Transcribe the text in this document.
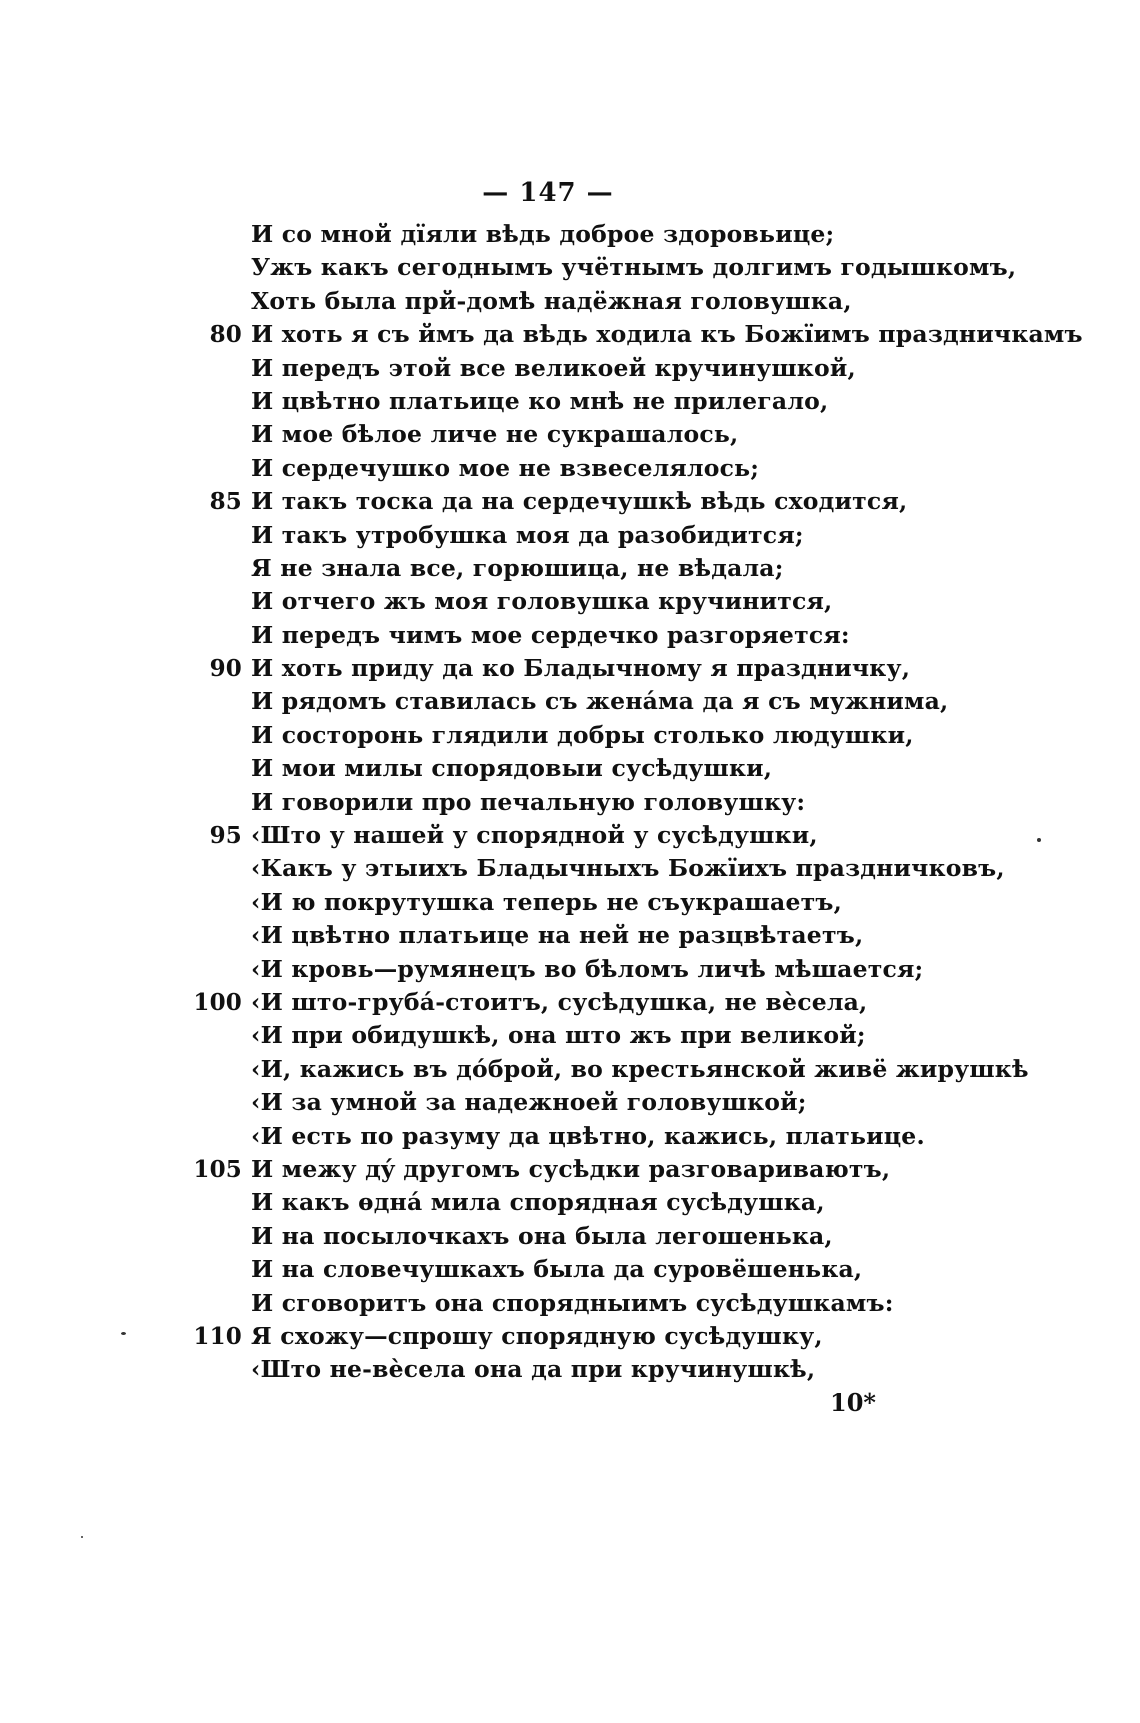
— 147 —
И со мной дїяли вѣдь доброе здоровьице;
Ужъ какъ сегоднымъ учётнымъ долгимъ годышкомъ,
Хоть была прй-домѣ надёжная головушка,
80 И хоть я съ ймъ да вѣдь ходила къ Божїимъ праздничкамъ
И передъ этой все великоей кручинушкой,
И цвѣтно платьице ко мнѣ не прилегало,
И мое бѣлое личе не сукрашалось,
И сердечушко мое не взвеселялось;
85 И такъ тоска да на сердечушкѣ вѣдь сходится,
И такъ утробушка моя да разобидится;
Я не знала все, горюшица, не вѣдала;
И отчего жъ моя головушка кручинится,
И передъ чимъ мое сердечко разгоряется:
90 И хоть приду да ко Бладычному я праздничку,
И рядомъ ставилась съ женáма да я съ мужнима,
И состоронь глядили добры столько людушки,
И мои милы спорядовыи сусѣдушки,
И говорили про печальную головушку:
95 ‹Што у нашей у спорядной у сусѣдушки,
‹Какъ у этыихъ Бладычныхъ Божїихъ праздничковъ,
‹И ю покрутушка теперь не съукрашаетъ,
‹И цвѣтно платьице на ней не разцвѣтаетъ,
‹И кровь—румянецъ во бѣломъ личѣ мѣшается;
100 ‹И што-грубá-стоитъ, сусѣдушка, не вѐсела,
‹И при обидушкѣ, она што жъ при великой;
‹И, кажись въ дóброй, во крестьянской живё жирушкѣ
‹И за умной за надежноей головушкой;
‹И есть по разуму да цвѣтно, кажись, платьице.
105 И межу дý другомъ сусѣдки разговариваютъ,
И какъ ѳднá мила спорядная сусѣдушка,
И на посылочкахъ она была легошенька,
И на словечушкахъ была да суровёшенька,
И сговоритъ она спорядныимъ сусѣдушкамъ:
110 Я схожу—спрошу спорядную сусѣдушку,
‹Што не-вѐсела она да при кручинушкѣ,
10*
